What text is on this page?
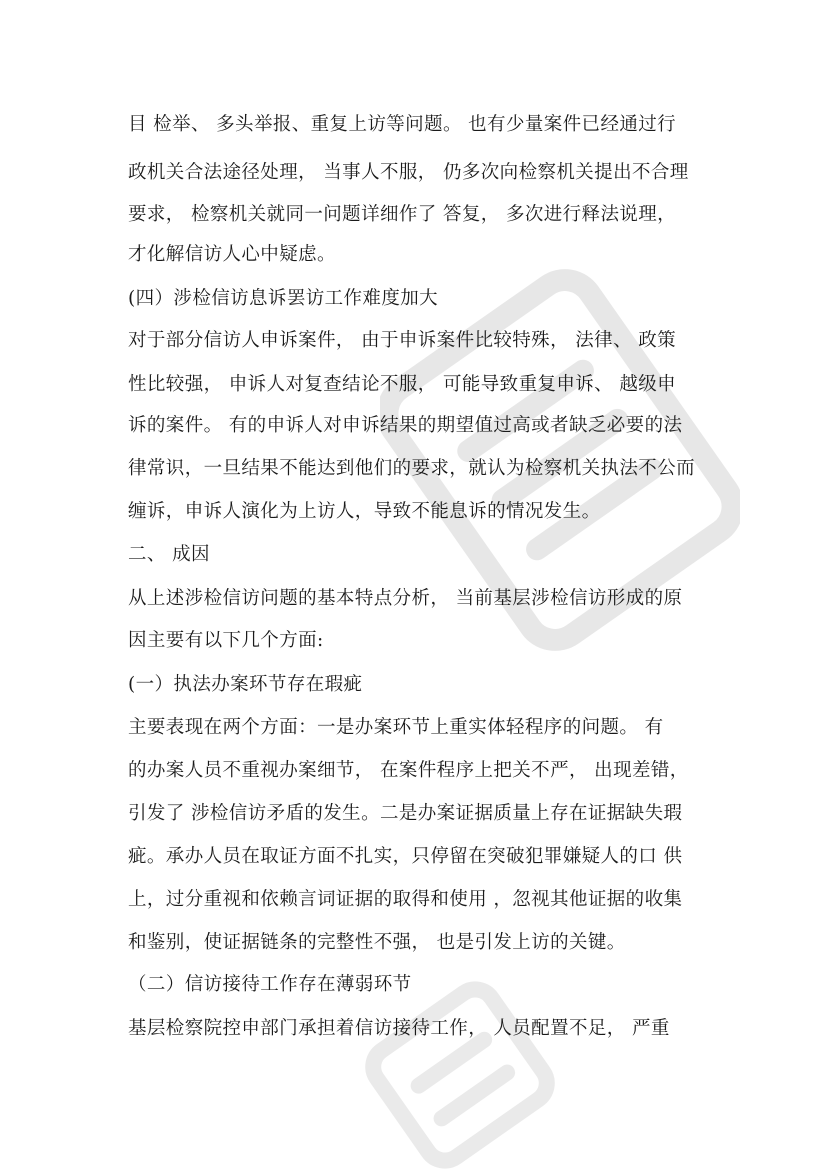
目 检举、 多头举报、重复上访等问题。 也有少量案件已经通过行
政机关合法途径处理， 当事人不服， 仍多次向检察机关提出不合理
要求， 检察机关就同一问题详细作了 答复， 多次进行释法说理，
才化解信访人心中疑虑。
(四）涉检信访息诉罢访工作难度加大
对于部分信访人申诉案件， 由于申诉案件比较特殊， 法律、 政策
性比较强， 申诉人对复查结论不服， 可能导致重复申诉、 越级申
诉的案件。 有的申诉人对申诉结果的期望值过高或者缺乏必要的法
律常识，一旦结果不能达到他们的要求，就认为检察机关执法不公而
缠诉，申诉人演化为上访人，导致不能息诉的情况发生。
二、 成因
从上述涉检信访问题的基本特点分析， 当前基层涉检信访形成的原
因主要有以下几个方面:
(一）执法办案环节存在瑕疵
主要表现在两个方面：一是办案环节上重实体轻程序的问题。 有
的办案人员不重视办案细节， 在案件程序上把关不严， 出现差错，
引发了 涉检信访矛盾的发生。二是办案证据质量上存在证据缺失瑕
疵。承办人员在取证方面不扎实，只停留在突破犯罪嫌疑人的口 供
上，过分重视和依赖言词证据的取得和使用 ，忽视其他证据的收集
和鉴别，使证据链条的完整性不强， 也是引发上访的关键。
（二）信访接待工作存在薄弱环节
基层检察院控申部门承担着信访接待工作， 人员配置不足， 严重
